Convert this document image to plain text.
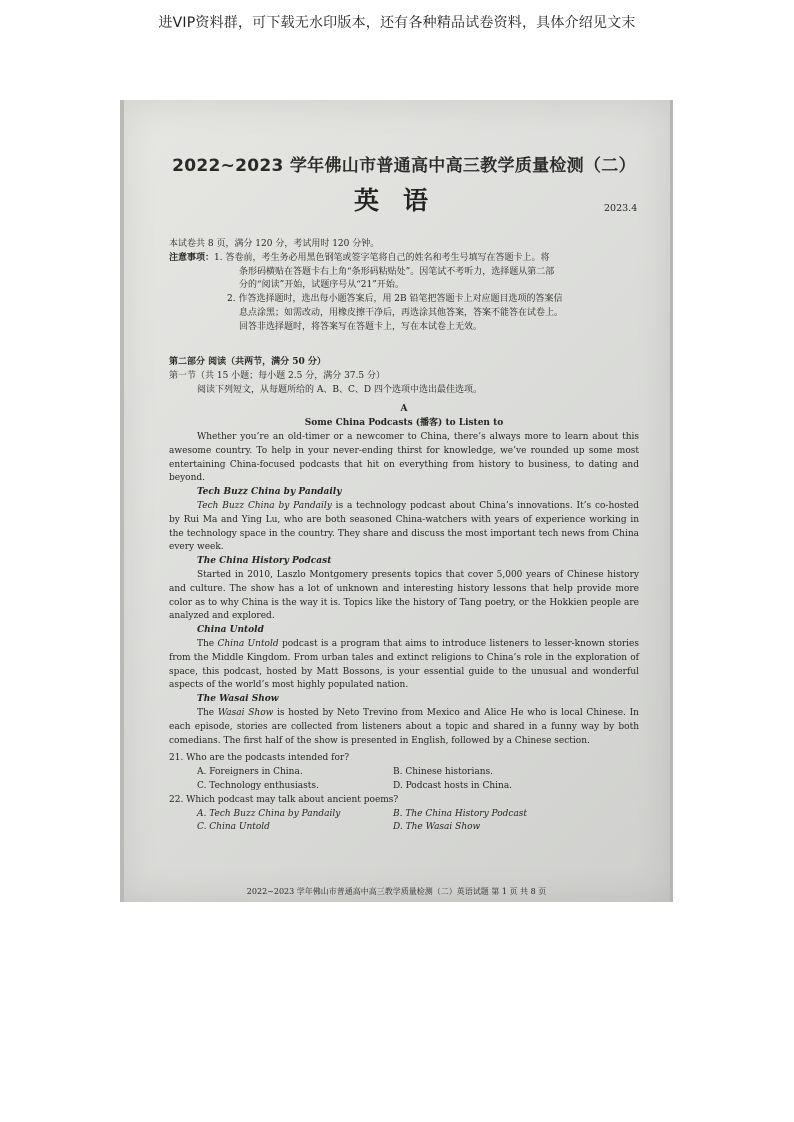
进VIP资料群，可下载无水印版本，还有各种精品试卷资料，具体介绍见文末
2022~2023 学年佛山市普通高中高三教学质量检测（二）
英语	2023.4
本试卷共 8 页，满分 120 分，考试用时 120 分钟。
注意事项：1. 答卷前，考生务必用黑色钢笔或签字笔将自己的姓名和考生号填写在答题卡上。将
条形码横贴在答题卡右上角“条形码粘贴处”。因笔试不考听力，选择题从第二部
分的“阅读”开始，试题序号从“21”开始。
2. 作答选择题时，选出每小题答案后，用 2B 铅笔把答题卡上对应题目选项的答案信
息点涂黑；如需改动，用橡皮擦干净后，再选涂其他答案，答案不能答在试卷上。
回答非选择题时，将答案写在答题卡上，写在本试卷上无效。
第二部分 阅读（共两节，满分 50 分）
第一节（共 15 小题；每小题 2.5 分，满分 37.5 分）
阅读下列短文，从每题所给的 A、B、C、D 四个选项中选出最佳选项。
A
Some China Podcasts (播客) to Listen to
Whether you’re an old-timer or a newcomer to China, there’s always more to learn about this awesome country. To help in your never-ending thirst for knowledge, we’ve rounded up some most entertaining China-focused podcasts that hit on everything from history to business, to dating and beyond.
Tech Buzz China by Pandaily
Tech Buzz China by Pandaily is a technology podcast about China’s innovations. It’s co-hosted by Rui Ma and Ying Lu, who are both seasoned China-watchers with years of experience working in the technology space in the country. They share and discuss the most important tech news from China every week.
The China History Podcast
Started in 2010, Laszlo Montgomery presents topics that cover 5,000 years of Chinese history and culture. The show has a lot of unknown and interesting history lessons that help provide more color as to why China is the way it is. Topics like the history of Tang poetry, or the Hokkien people are analyzed and explored.
China Untold
The China Untold podcast is a program that aims to introduce listeners to lesser-known stories from the Middle Kingdom. From urban tales and extinct religions to China’s role in the exploration of space, this podcast, hosted by Matt Bossons, is your essential guide to the unusual and wonderful aspects of the world’s most highly populated nation.
The Wasai Show
The Wasai Show is hosted by Neto Trevino from Mexico and Alice He who is local Chinese. In each episode, stories are collected from listeners about a topic and shared in a funny way by both comedians. The first half of the show is presented in English, followed by a Chinese section.
21. Who are the podcasts intended for?
A. Foreigners in China.	B. Chinese historians.
C. Technology enthusiasts.	D. Podcast hosts in China.
22. Which podcast may talk about ancient poems?
A. Tech Buzz China by Pandaily	B. The China History Podcast
C. China Untold	D. The Wasai Show
2022~2023 学年佛山市普通高中高三教学质量检测（二）英语试题 第 1 页 共 8 页
